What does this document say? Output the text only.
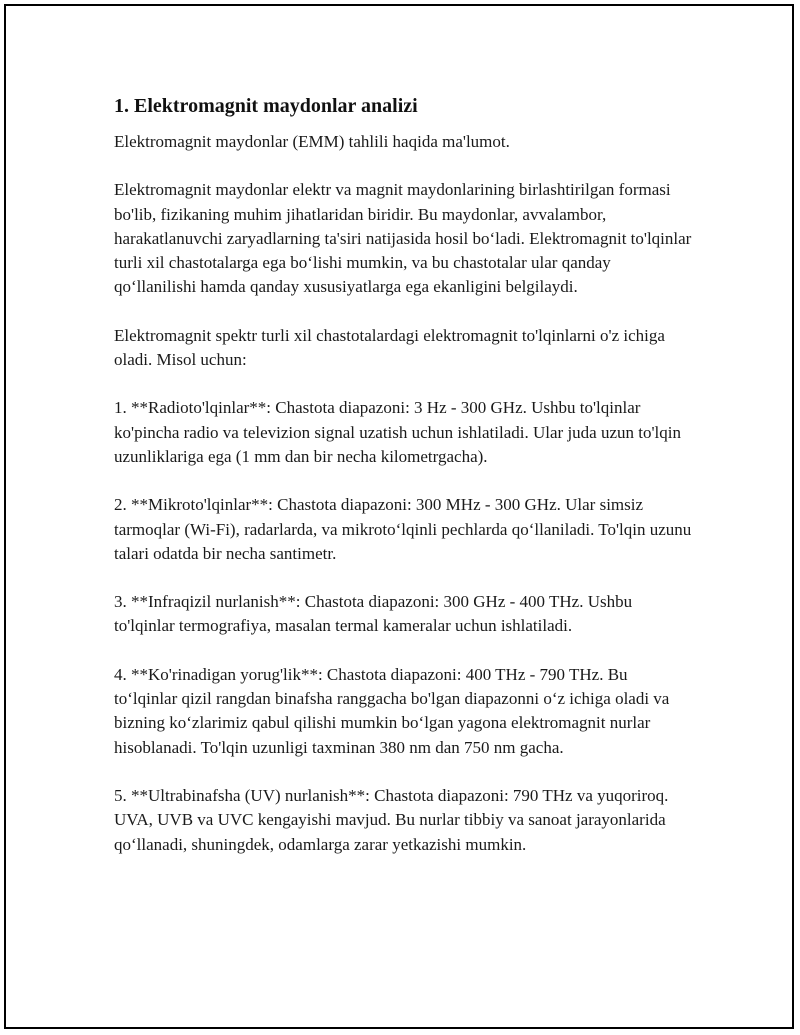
1. Elektromagnit maydonlar analizi

Elektromagnit maydonlar (EMM) tahlili haqida ma'lumot.

Elektromagnit maydonlar elektr va magnit maydonlarining birlashtirilgan formasi bo'lib, fizikaning muhim jihatlaridan biridir. Bu maydonlar, avvalambor, harakatlanuvchi zaryadlarning ta'siri natijasida hosil bo‘ladi. Elektromagnit to'lqinlar turli xil chastotalarga ega bo‘lishi mumkin, va bu chastotalar ular qanday qo‘llanilishi hamda qanday xususiyatlarga ega ekanligini belgilaydi.

Elektromagnit spektr turli xil chastotalardagi elektromagnit to'lqinlarni o'z ichiga oladi. Misol uchun:

1. **Radioto'lqinlar**: Chastota diapazoni: 3 Hz - 300 GHz. Ushbu to'lqinlar ko'pincha radio va televizion signal uzatish uchun ishlatiladi. Ular juda uzun to'lqin uzunliklariga ega (1 mm dan bir necha kilometrgacha).

2. **Mikroto'lqinlar**: Chastota diapazoni: 300 MHz - 300 GHz. Ular simsiz tarmoqlar (Wi-Fi), radarlarda, va mikroto‘lqinli pechlarda qo‘llaniladi. To'lqin uzunu talari odatda bir necha santimetr.

3. **Infraqizil nurlanish**: Chastota diapazoni: 300 GHz - 400 THz. Ushbu to'lqinlar termografiya, masalan termal kameralar uchun ishlatiladi.

4. **Ko'rinadigan yorug'lik**: Chastota diapazoni: 400 THz - 790 THz. Bu to‘lqinlar qizil rangdan binafsha ranggacha bo'lgan diapazonni o‘z ichiga oladi va bizning ko‘zlarimiz qabul qilishi mumkin bo‘lgan yagona elektromagnit nurlar hisoblanadi. To'lqin uzunligi taxminan 380 nm dan 750 nm gacha.

5. **Ultrabinafsha (UV) nurlanish**: Chastota diapazoni: 790 THz va yuqoriroq. UVA, UVB va UVC kengayishi mavjud. Bu nurlar tibbiy va sanoat jarayonlarida qo‘llanadi, shuningdek, odamlarga zarar yetkazishi mumkin.
